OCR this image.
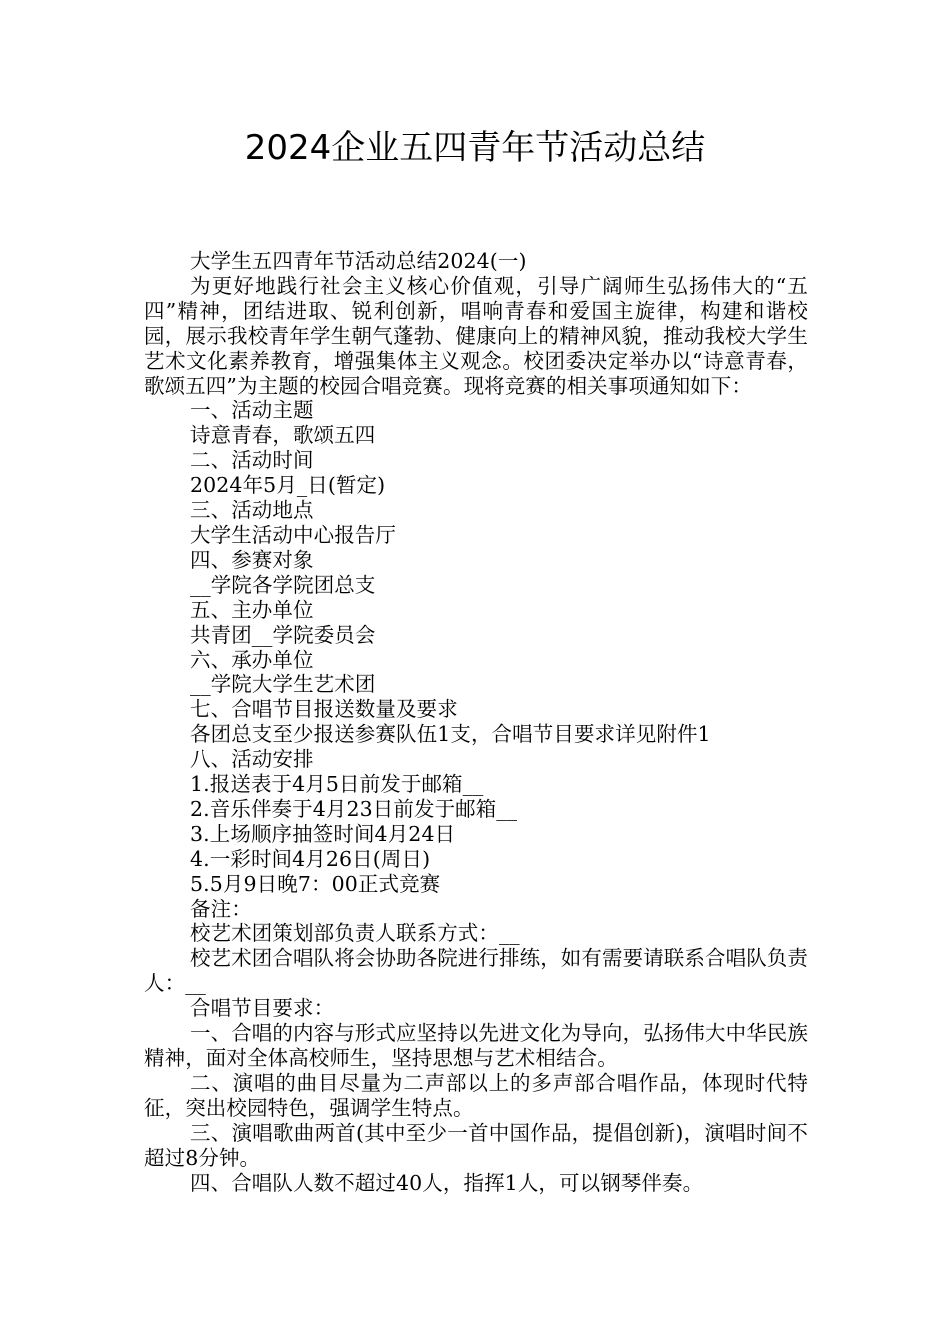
2024企业五四青年节活动总结

大学生五四青年节活动总结2024(一)

为更好地践行社会主义核心价值观，引导广阔师生弘扬伟大的“五四”精神，团结进取、锐利创新，唱响青春和爱国主旋律，构建和谐校园，展示我校青年学生朝气蓬勃、健康向上的精神风貌，推动我校大学生艺术文化素养教育，增强集体主义观念。校团委决定举办以“诗意青春，歌颂五四”为主题的校园合唱竞赛。现将竞赛的相关事项通知如下：

一、活动主题

诗意青春，歌颂五四

二、活动时间

2024年5月_日(暂定)

三、活动地点

大学生活动中心报告厅

四、参赛对象

__学院各学院团总支

五、主办单位

共青团__学院委员会

六、承办单位

__学院大学生艺术团

七、合唱节目报送数量及要求

各团总支至少报送参赛队伍1支，合唱节目要求详见附件1

八、活动安排

1.报送表于4月5日前发于邮箱__

2.音乐伴奏于4月23日前发于邮箱__

3.上场顺序抽签时间4月24日

4.一彩时间4月26日(周日)

5.5月9日晚7：00正式竞赛

备注：

校艺术团策划部负责人联系方式：__

校艺术团合唱队将会协助各院进行排练，如有需要请联系合唱队负责人：__

合唱节目要求：

一、合唱的内容与形式应坚持以先进文化为导向，弘扬伟大中华民族精神，面对全体高校师生，坚持思想与艺术相结合。

二、演唱的曲目尽量为二声部以上的多声部合唱作品，体现时代特征，突出校园特色，强调学生特点。

三、演唱歌曲两首(其中至少一首中国作品，提倡创新)，演唱时间不超过8分钟。

四、合唱队人数不超过40人，指挥1人，可以钢琴伴奏。
